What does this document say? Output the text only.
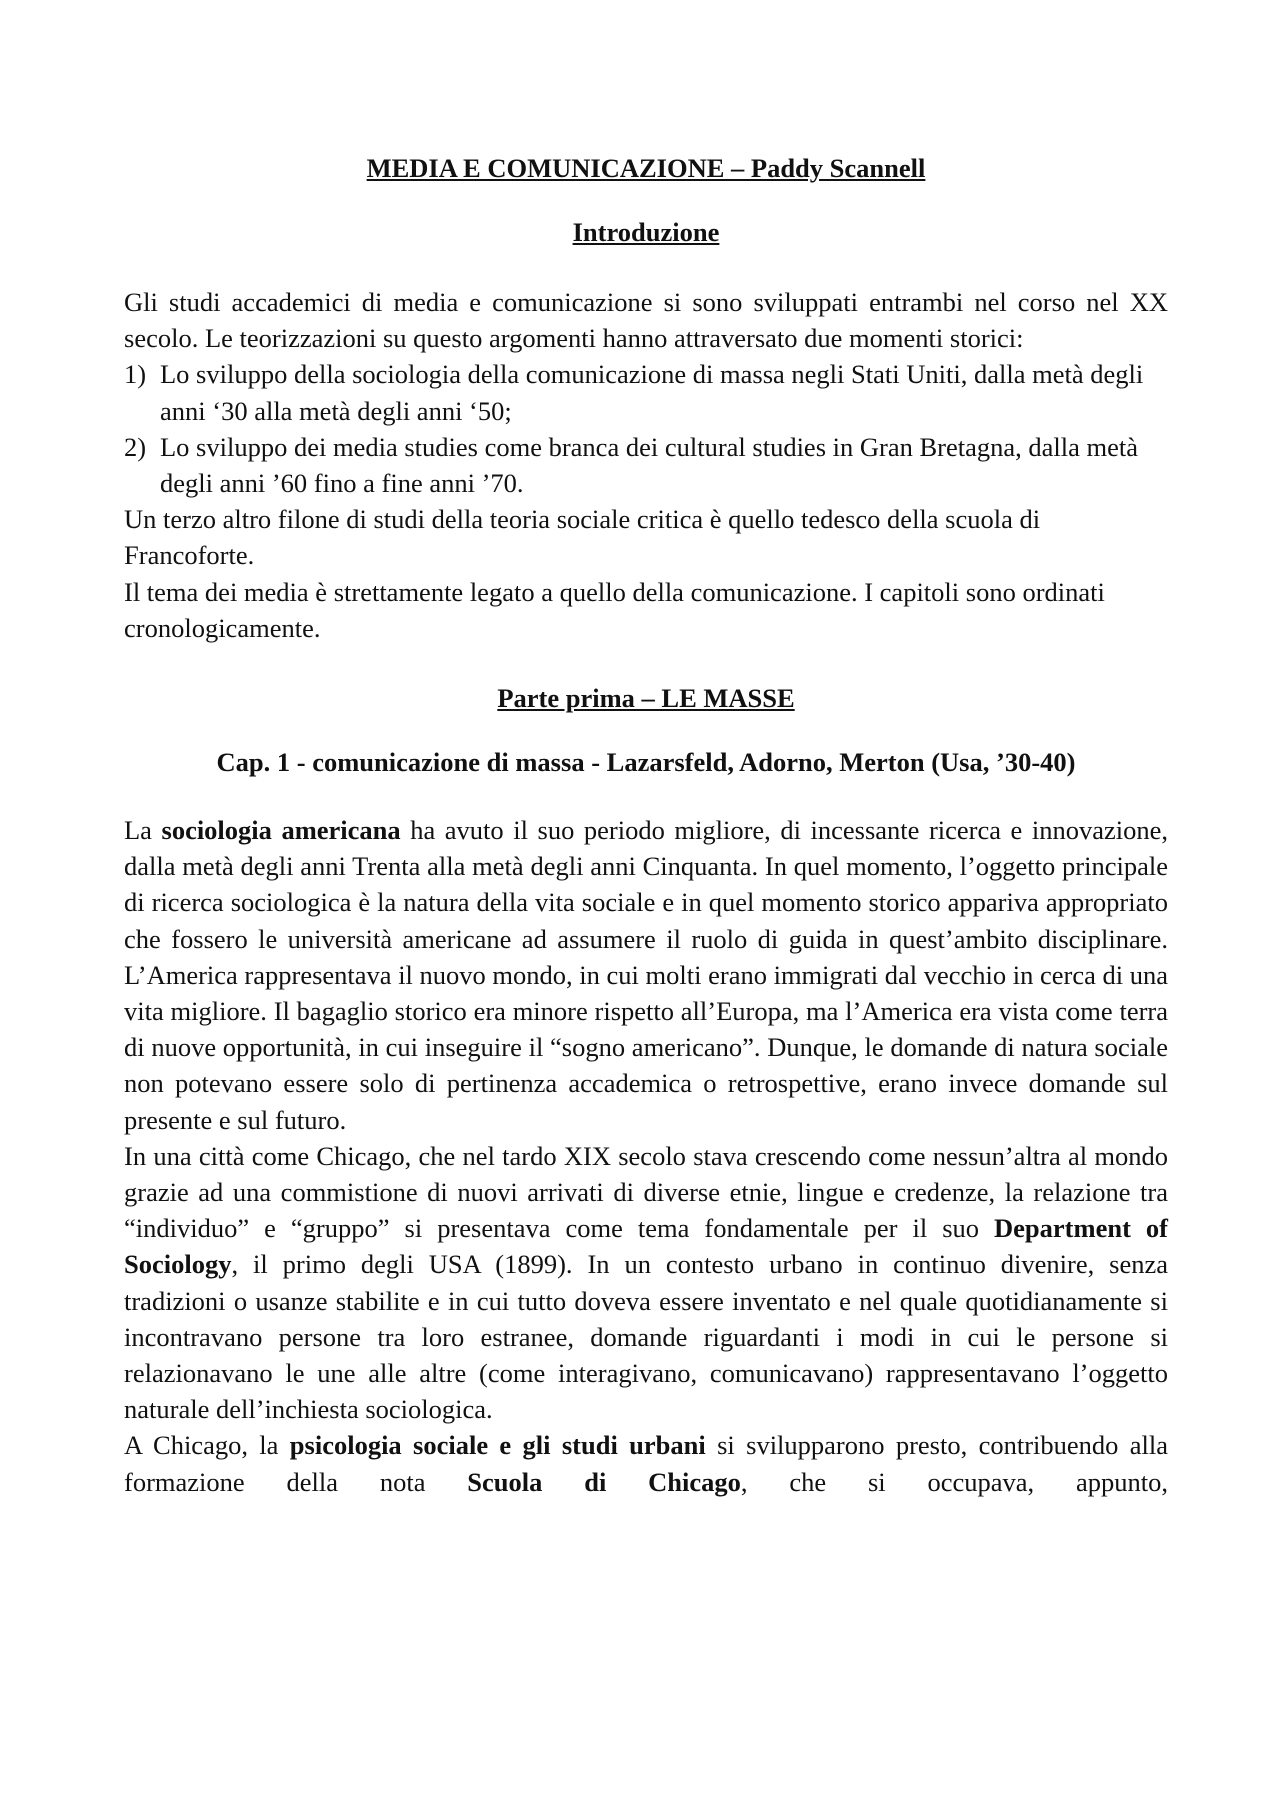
MEDIA E COMUNICAZIONE – Paddy Scannell
Introduzione

Gli studi accademici di media e comunicazione si sono sviluppati entrambi nel corso nel XX secolo. Le teorizzazioni su questo argomenti hanno attraversato due momenti storici:

1) Lo sviluppo della sociologia della comunicazione di massa negli Stati Uniti, dalla metà degli anni ‘30 alla metà degli anni ‘50;
2) Lo sviluppo dei media studies come branca dei cultural studies in Gran Bretagna, dalla metà degli anni ’60 fino a fine anni ’70.

Un terzo altro filone di studi della teoria sociale critica è quello tedesco della scuola di Francoforte.

Il tema dei media è strettamente legato a quello della comunicazione. I capitoli sono ordinati cronologicamente.

Parte prima – LE MASSE
Cap. 1 - comunicazione di massa - Lazarsfeld, Adorno, Merton (Usa, ’30-40)

La sociologia americana ha avuto il suo periodo migliore, di incessante ricerca e innovazione, dalla metà degli anni Trenta alla metà degli anni Cinquanta. In quel momento, l’oggetto principale di ricerca sociologica è la natura della vita sociale e in quel momento storico appariva appropriato che fossero le università americane ad assumere il ruolo di guida in quest’ambito disciplinare. L’America rappresentava il nuovo mondo, in cui molti erano immigrati dal vecchio in cerca di una vita migliore. Il bagaglio storico era minore rispetto all’Europa, ma l’America era vista come terra di nuove opportunità, in cui inseguire il “sogno americano”. Dunque, le domande di natura sociale non potevano essere solo di pertinenza accademica o retrospettive, erano invece domande sul presente e sul futuro.

In una città come Chicago, che nel tardo XIX secolo stava crescendo come nessun’altra al mondo grazie ad una commistione di nuovi arrivati di diverse etnie, lingue e credenze, la relazione tra “individuo” e “gruppo” si presentava come tema fondamentale per il suo Department of Sociology, il primo degli USA (1899). In un contesto urbano in continuo divenire, senza tradizioni o usanze stabilite e in cui tutto doveva essere inventato e nel quale quotidianamente si incontravano persone tra loro estranee, domande riguardanti i modi in cui le persone si relazionavano le une alle altre (come interagivano, comunicavano) rappresentavano l’oggetto naturale dell’inchiesta sociologica.

A Chicago, la psicologia sociale e gli studi urbani si svilupparono presto, contribuendo alla formazione della nota Scuola di Chicago, che si occupava, appunto,
